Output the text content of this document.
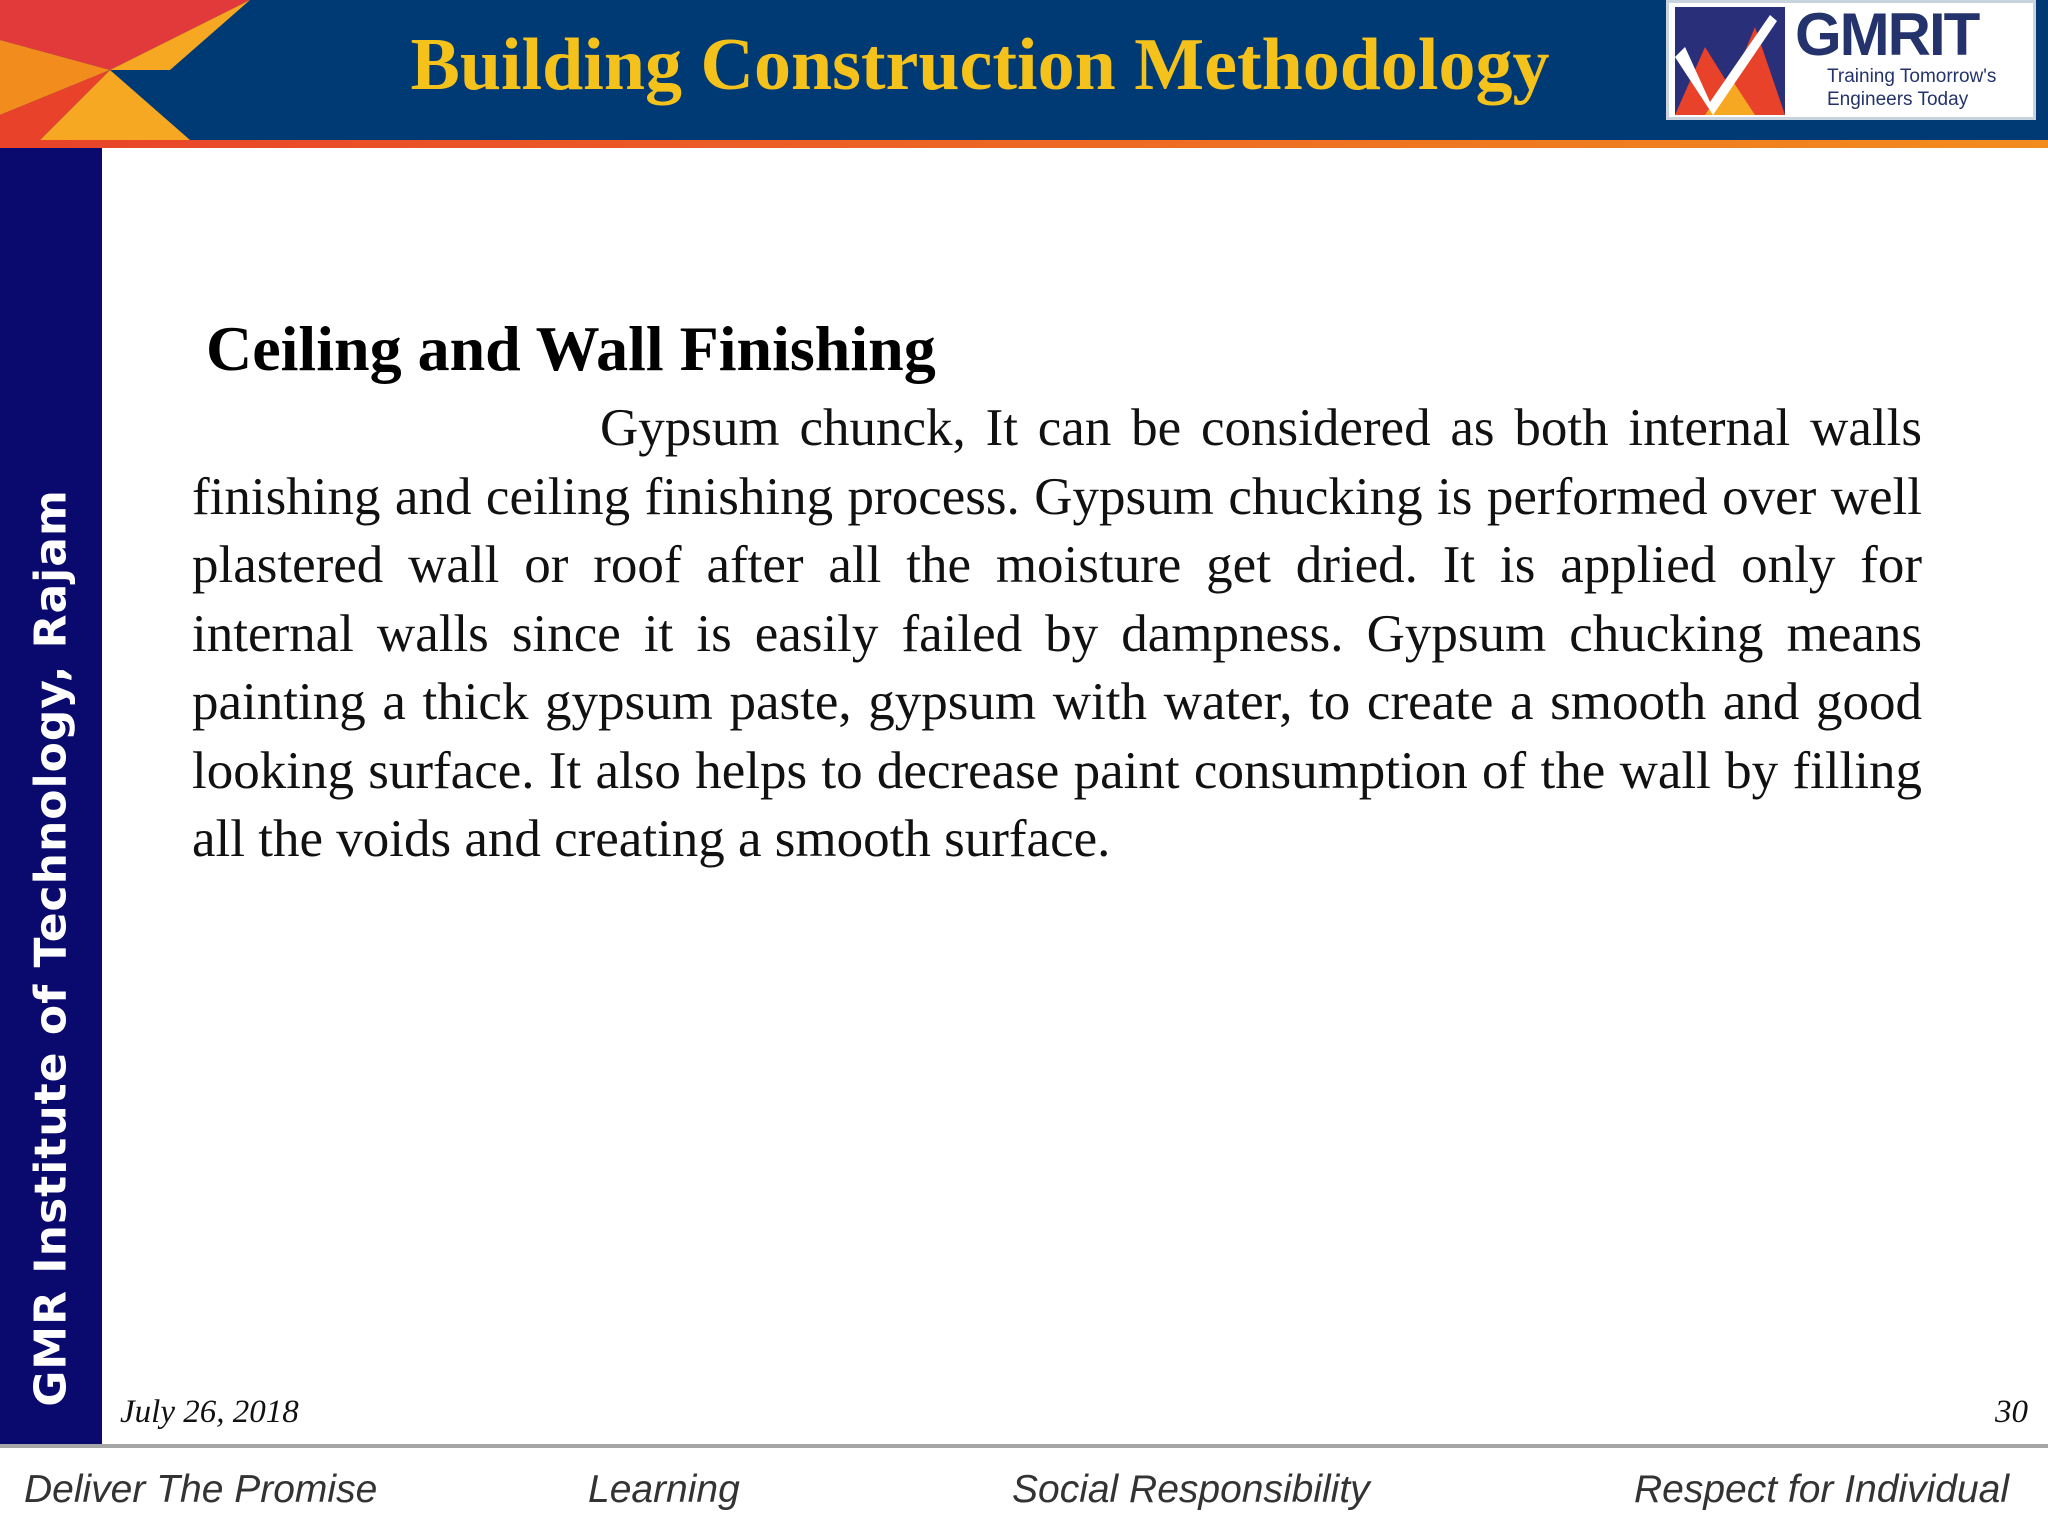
Building Construction Methodology	GMRIT
Training Tomorrow's Engineers Today
GMR Institute of Technology, Rajam
Ceiling and Wall Finishing
Gypsum chunck, It can be considered as both internal walls finishing and ceiling finishing process. Gypsum chucking is performed over well plastered wall or roof after all the moisture get dried. It is applied only for internal walls since it is easily failed by dampness. Gypsum chucking means painting a thick gypsum paste, gypsum with water, to create a smooth and good looking surface. It also helps to decrease paint consumption of the wall by filling all the voids and creating a smooth surface.
July 26, 2018	30
Deliver The Promise	Learning	Social Responsibility	Respect for Individual
